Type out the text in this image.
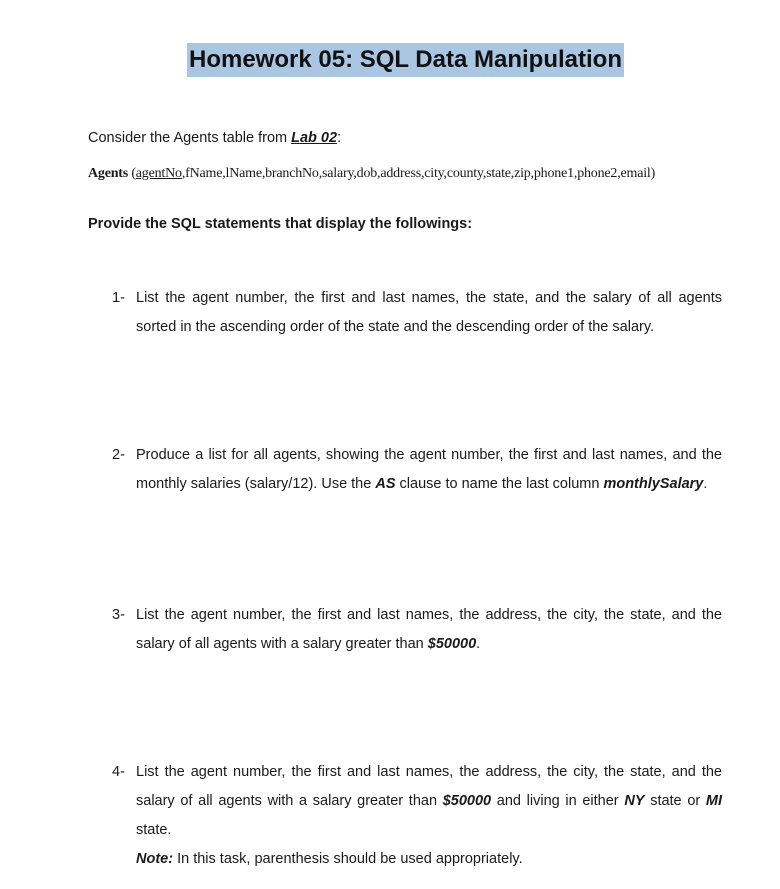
Homework 05: SQL Data Manipulation
Consider the Agents table from Lab 02:
Agents (agentNo,fName,lName,branchNo,salary,dob,address,city,county,state,zip,phone1,phone2,email)
Provide the SQL statements that display the followings:
1- List the agent number, the first and last names, the state, and the salary of all agents sorted in the ascending order of the state and the descending order of the salary.
2- Produce a list for all agents, showing the agent number, the first and last names, and the monthly salaries (salary/12). Use the AS clause to name the last column monthlySalary.
3- List the agent number, the first and last names, the address, the city, the state, and the salary of all agents with a salary greater than $50000.
4- List the agent number, the first and last names, the address, the city, the state, and the salary of all agents with a salary greater than $50000 and living in either NY state or MI state.
Note: In this task, parenthesis should be used appropriately.
